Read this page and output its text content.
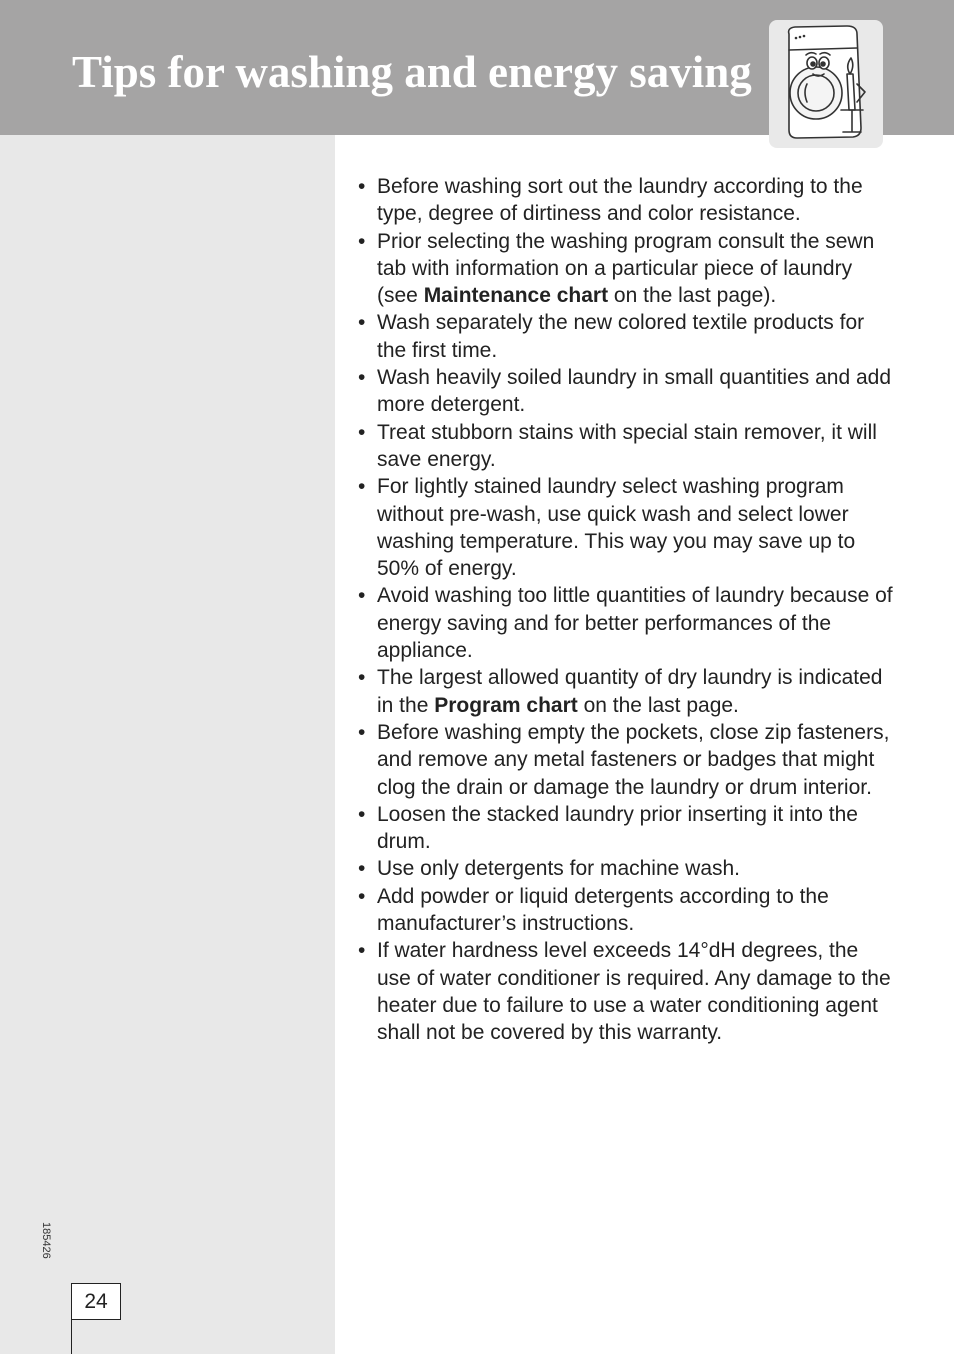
Tips for washing and energy saving
• Before washing sort out the laundry according to the type, degree of dirtiness and color resistance.
• Prior selecting the washing program consult the sewn tab with information on a particular piece of laundry (see Maintenance chart on the last page).
• Wash separately the new colored textile products for the first time.
• Wash heavily soiled laundry in small quantities and add more detergent.
• Treat stubborn stains with special stain remover, it will save energy.
• For lightly stained laundry select washing program without pre-wash, use quick wash and select lower washing temperature. This way you may save up to 50% of energy.
• Avoid washing too little quantities of laundry because of energy saving and for better performances of the appliance.
• The largest allowed quantity of dry laundry is indicated in the Program chart on the last page.
• Before washing empty the pockets, close zip fasteners, and remove any metal fasteners or badges that might clog the drain or damage the laundry or drum interior.
• Loosen the stacked laundry prior inserting it into the drum.
• Use only detergents for machine wash.
• Add powder or liquid detergents according to the manufacturer’s instructions.
• If water hardness level exceeds 14°dH degrees, the use of water conditioner is required. Any damage to the heater due to failure to use a water conditioning agent shall not be covered by this warranty.
185426
24
